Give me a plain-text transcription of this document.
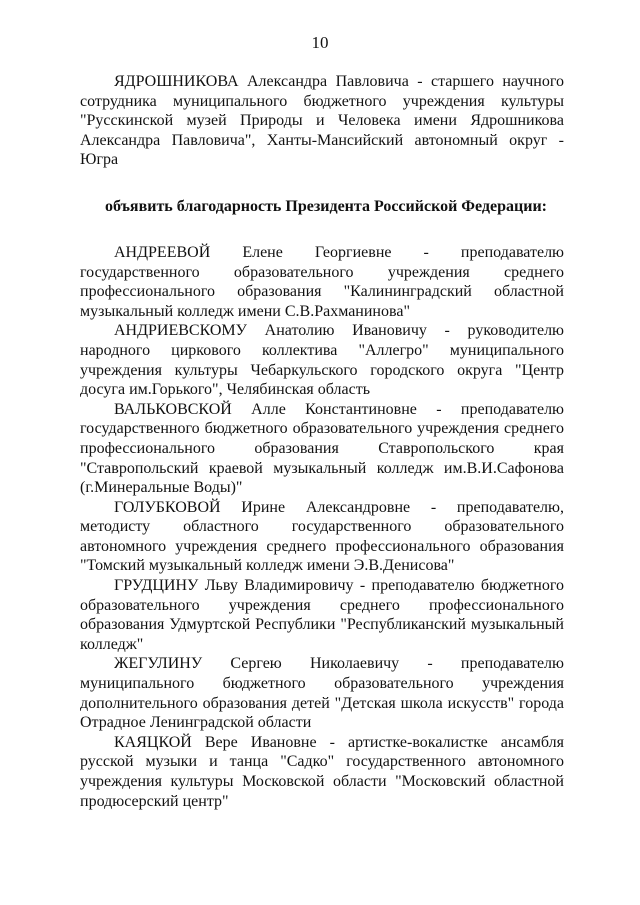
10

ЯДРОШНИКОВА Александра Павловича - старшего научного сотрудника муниципального бюджетного учреждения культуры "Русскинской музей Природы и Человека имени Ядрошникова Александра Павловича", Ханты-Мансийский автономный округ - Югра

объявить благодарность Президента Российской Федерации:

АНДРЕЕВОЙ Елене Георгиевне - преподавателю государственного образовательного учреждения среднего профессионального образования "Калининградский областной музыкальный колледж имени С.В.Рахманинова"

АНДРИЕВСКОМУ Анатолию Ивановичу - руководителю народного циркового коллектива "Аллегро" муниципального учреждения культуры Чебаркульского городского округа "Центр досуга им.Горького", Челябинская область

ВАЛЬКОВСКОЙ Алле Константиновне - преподавателю государственного бюджетного образовательного учреждения среднего профессионального образования Ставропольского края "Ставропольский краевой музыкальный колледж им.В.И.Сафонова (г.Минеральные Воды)"

ГОЛУБКОВОЙ Ирине Александровне - преподавателю, методисту областного государственного образовательного автономного учреждения среднего профессионального образования "Томский музыкальный колледж имени Э.В.Денисова"

ГРУДЦИНУ Льву Владимировичу - преподавателю бюджетного образовательного учреждения среднего профессионального образования Удмуртской Республики "Республиканский музыкальный колледж"

ЖЕГУЛИНУ Сергею Николаевичу - преподавателю муниципального бюджетного образовательного учреждения дополнительного образования детей "Детская школа искусств" города Отрадное Ленинградской области

КАЯЦКОЙ Вере Ивановне - артистке-вокалистке ансамбля русской музыки и танца "Садко" государственного автономного учреждения культуры Московской области "Московский областной продюсерский центр"
